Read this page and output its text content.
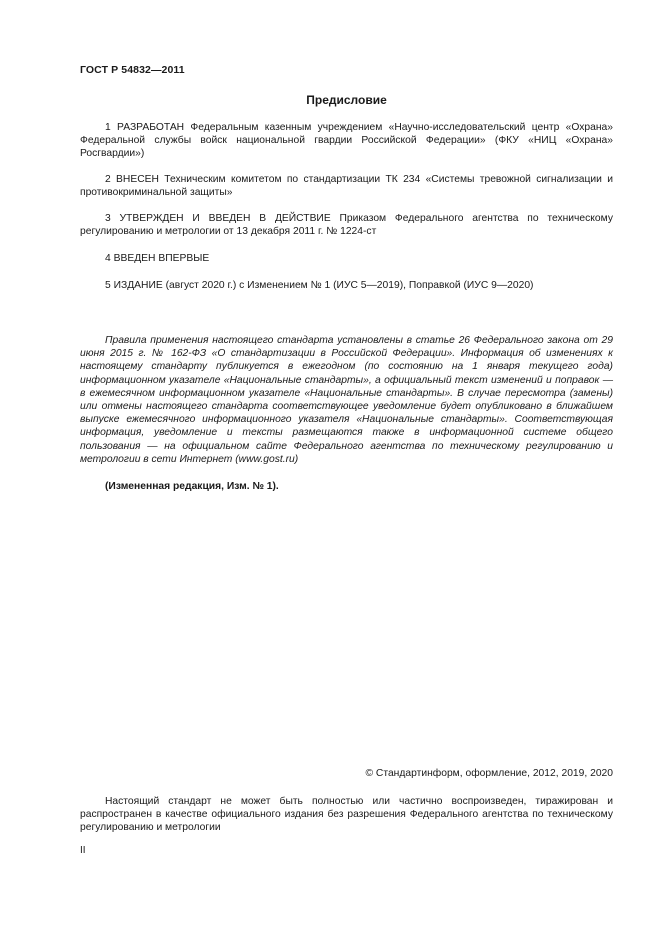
ГОСТ Р 54832—2011
Предисловие
1 РАЗРАБОТАН Федеральным казенным учреждением «Научно-исследовательский центр «Охрана» Федеральной службы войск национальной гвардии Российской Федерации» (ФКУ «НИЦ «Охрана» Росгвардии»)
2 ВНЕСЕН Техническим комитетом по стандартизации ТК 234 «Системы тревожной сигнализации и противокриминальной защиты»
3 УТВЕРЖДЕН И ВВЕДЕН В ДЕЙСТВИЕ Приказом Федерального агентства по техническому регулированию и метрологии от 13 декабря 2011 г. № 1224-ст
4 ВВЕДЕН ВПЕРВЫЕ
5 ИЗДАНИЕ (август 2020 г.) с Изменением № 1 (ИУС 5—2019), Поправкой (ИУС 9—2020)
Правила применения настоящего стандарта установлены в статье 26 Федерального закона от 29 июня 2015 г. № 162-ФЗ «О стандартизации в Российской Федерации». Информация об изменениях к настоящему стандарту публикуется в ежегодном (по состоянию на 1 января текущего года) информационном указателе «Национальные стандарты», а официальный текст изменений и поправок — в ежемесячном информационном указателе «Национальные стандарты». В случае пересмотра (замены) или отмены настоящего стандарта соответствующее уведомление будет опубликовано в ближайшем выпуске ежемесячного информационного указателя «Национальные стандарты». Соответствующая информация, уведомление и тексты размещаются также в информационной системе общего пользования — на официальном сайте Федерального агентства по техническому регулированию и метрологии в сети Интернет (www.gost.ru)
(Измененная редакция, Изм. № 1).
© Стандартинформ, оформление, 2012, 2019, 2020
Настоящий стандарт не может быть полностью или частично воспроизведен, тиражирован и распространен в качестве официального издания без разрешения Федерального агентства по техническому регулированию и метрологии
II
